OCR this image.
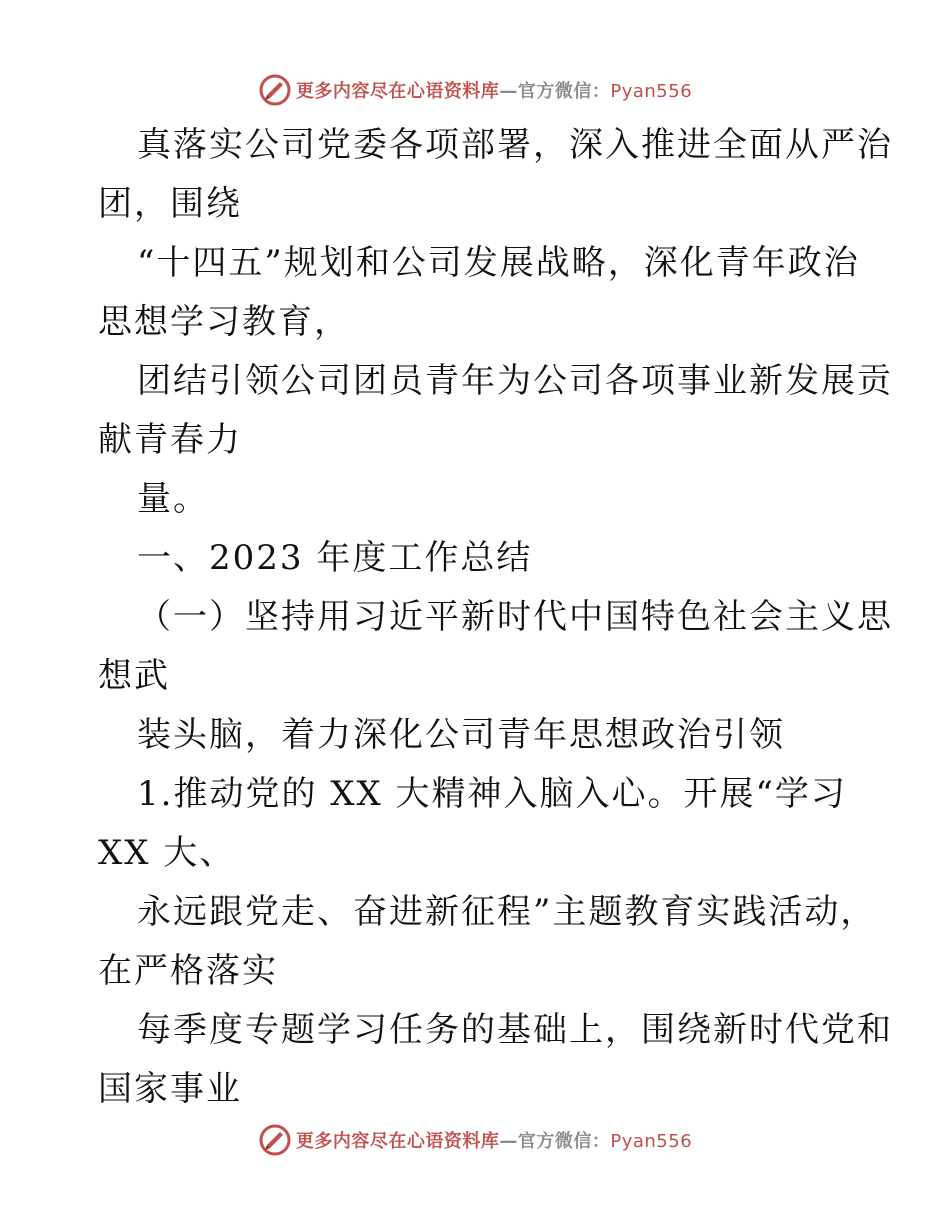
更多内容尽在心语资料库—官方微信：Pyan556
真落实公司党委各项部署，深入推进全面从严治
团，围绕
“十四五”规划和公司发展战略，深化青年政治
思想学习教育，
团结引领公司团员青年为公司各项事业新发展贡
献青春力
量。
一、2023 年度工作总结
（一）坚持用习近平新时代中国特色社会主义思
想武
装头脑，着力深化公司青年思想政治引领
1.推动党的 XX 大精神入脑入心。开展“学习
XX 大、
永远跟党走、奋进新征程”主题教育实践活动，
在严格落实
每季度专题学习任务的基础上，围绕新时代党和
国家事业
更多内容尽在心语资料库—官方微信：Pyan556
